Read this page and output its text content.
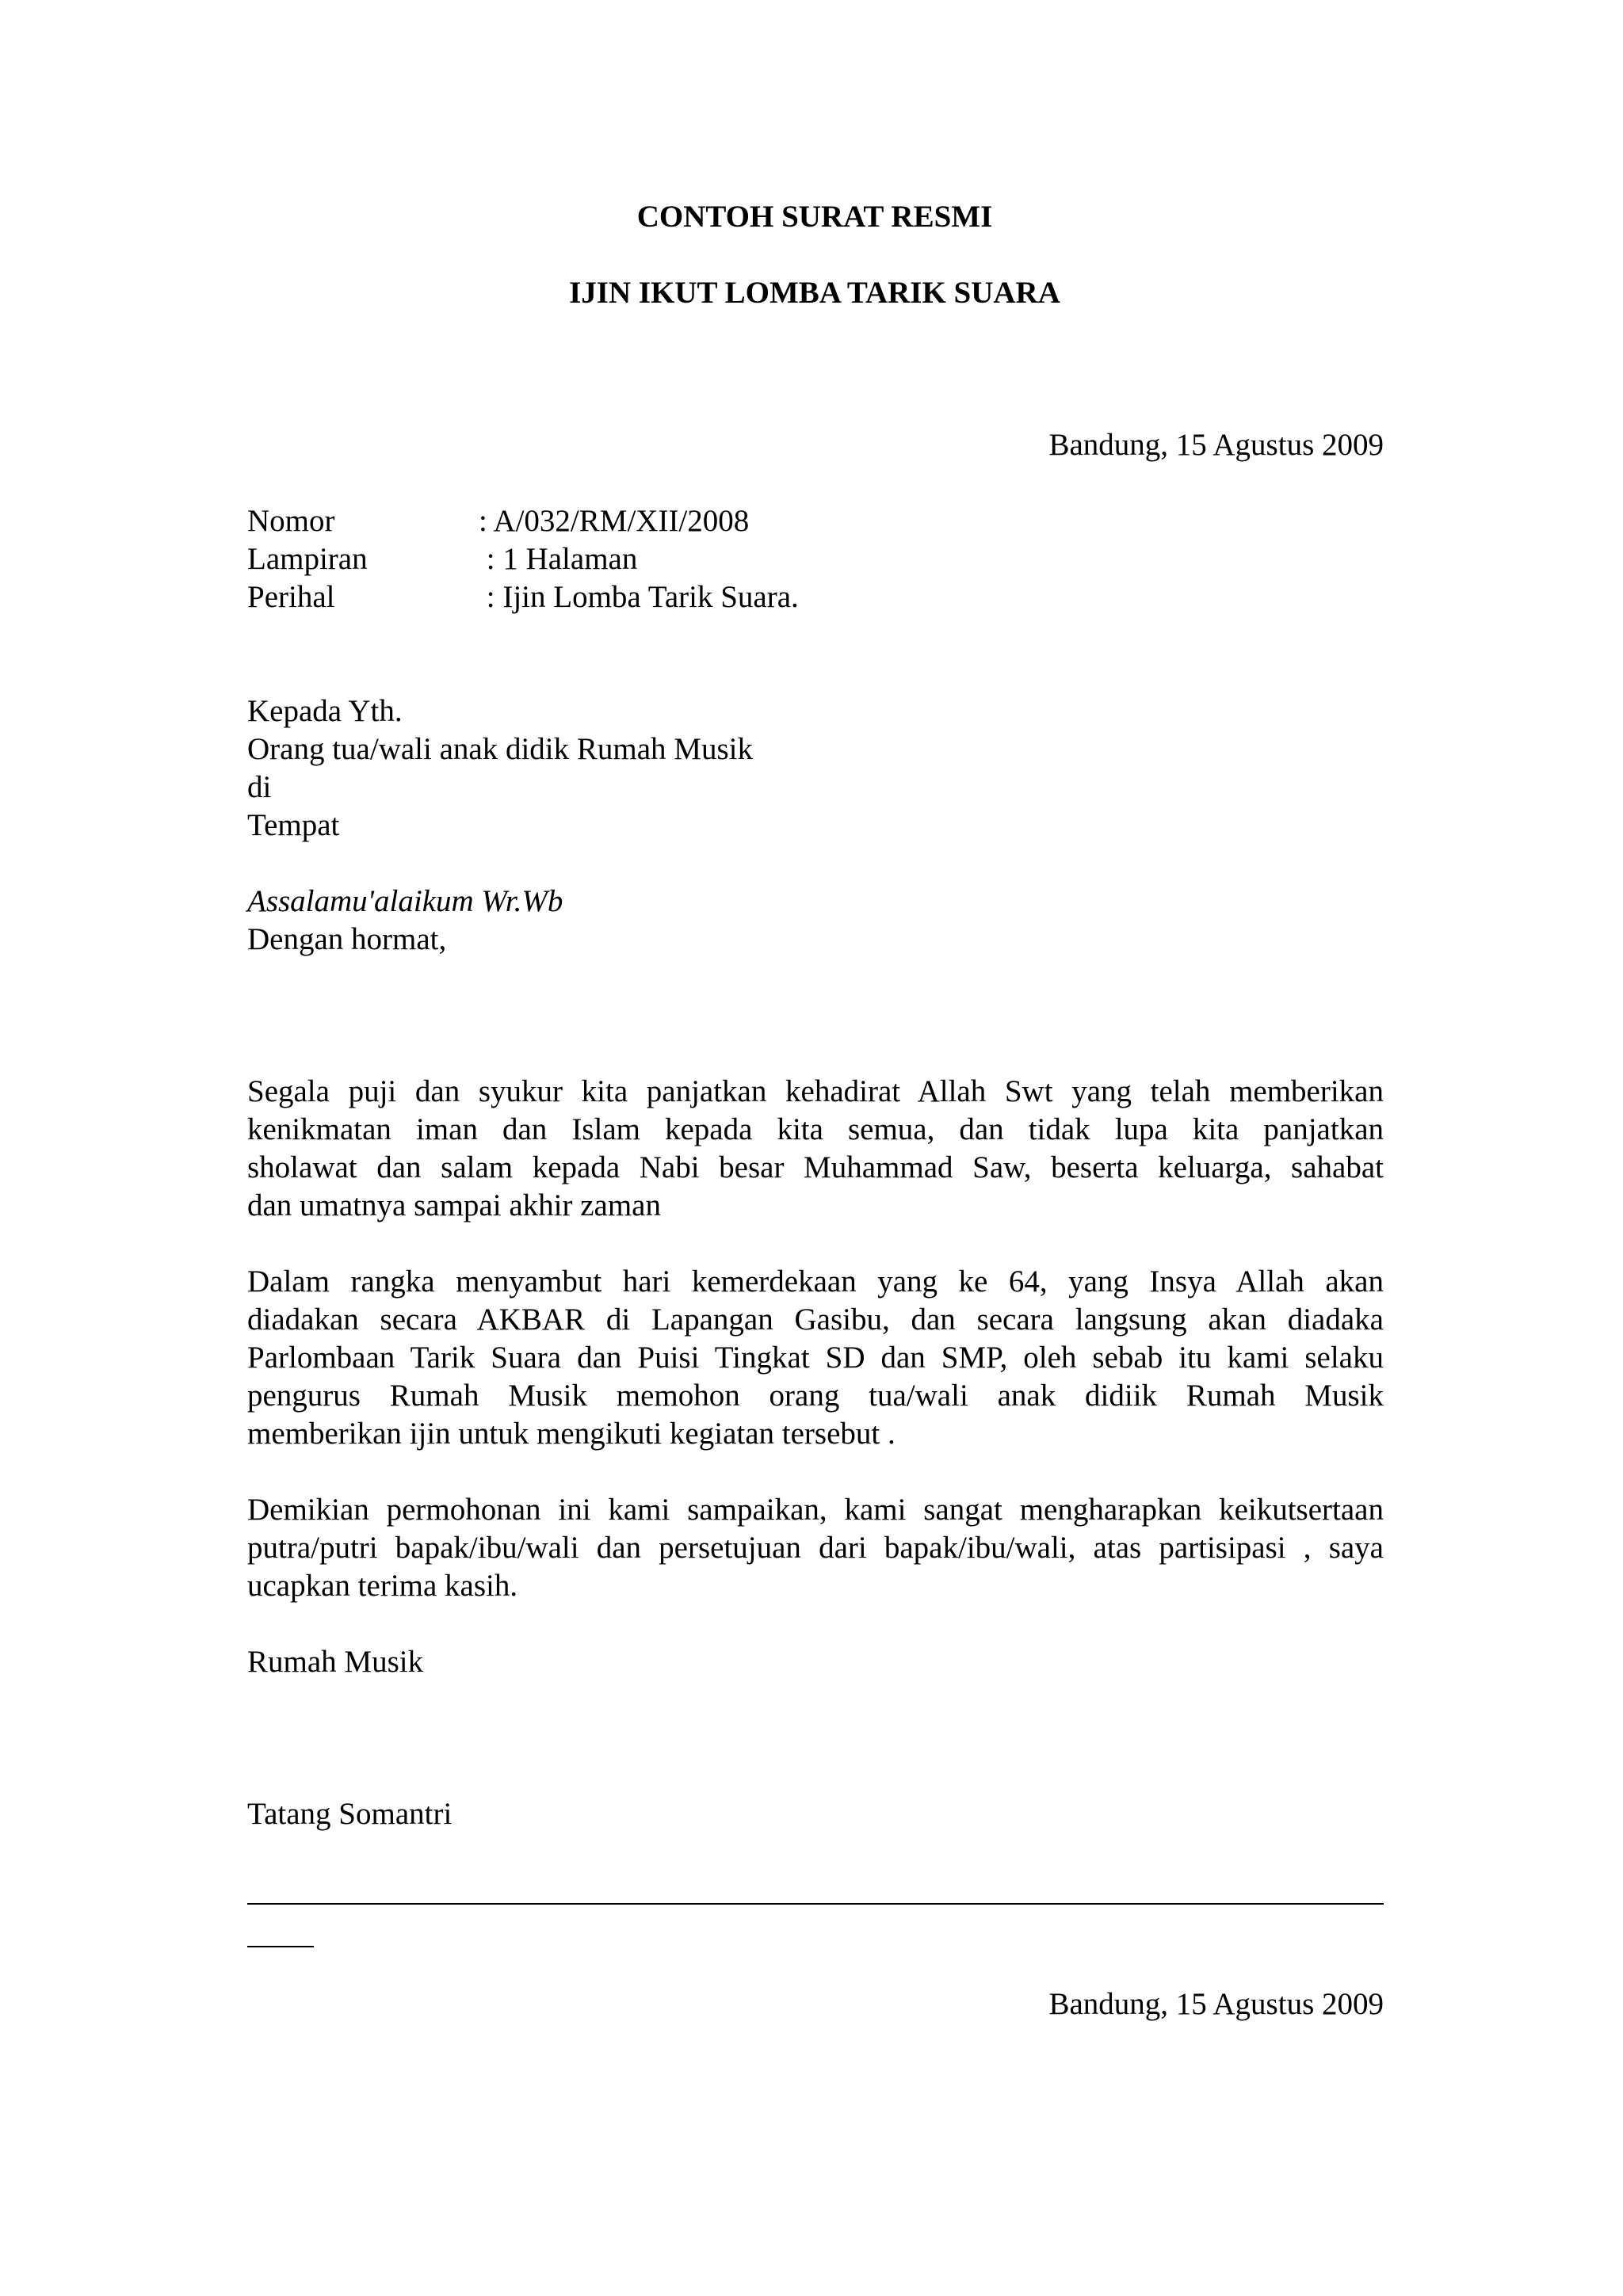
CONTOH SURAT RESMI
IJIN IKUT LOMBA TARIK SUARA
Bandung, 15 Agustus 2009
Nomor	: A/032/RM/XII/2008
Lampiran	: 1 Halaman
Perihal	: Ijin Lomba Tarik Suara.
Kepada Yth.
Orang tua/wali anak didik Rumah Musik
di
Tempat
Assalamu'alaikum Wr.Wb
Dengan hormat,
Segala puji dan syukur kita panjatkan kehadirat Allah Swt yang telah memberikan
kenikmatan iman dan Islam kepada kita semua, dan tidak lupa kita panjatkan
sholawat dan salam kepada Nabi besar Muhammad Saw, beserta keluarga, sahabat
dan umatnya sampai akhir zaman
Dalam rangka menyambut hari kemerdekaan yang ke 64, yang Insya Allah akan
diadakan secara AKBAR di Lapangan Gasibu, dan secara langsung akan diadaka
Parlombaan Tarik Suara dan Puisi Tingkat SD dan SMP, oleh sebab itu kami selaku
pengurus Rumah Musik memohon orang tua/wali anak didiik Rumah Musik
memberikan ijin untuk mengikuti kegiatan tersebut .
Demikian permohonan ini kami sampaikan, kami sangat mengharapkan keikutsertaan
putra/putri bapak/ibu/wali dan persetujuan dari bapak/ibu/wali, atas partisipasi , saya
ucapkan terima kasih.
Rumah Musik
Tatang Somantri
Bandung, 15 Agustus 2009
